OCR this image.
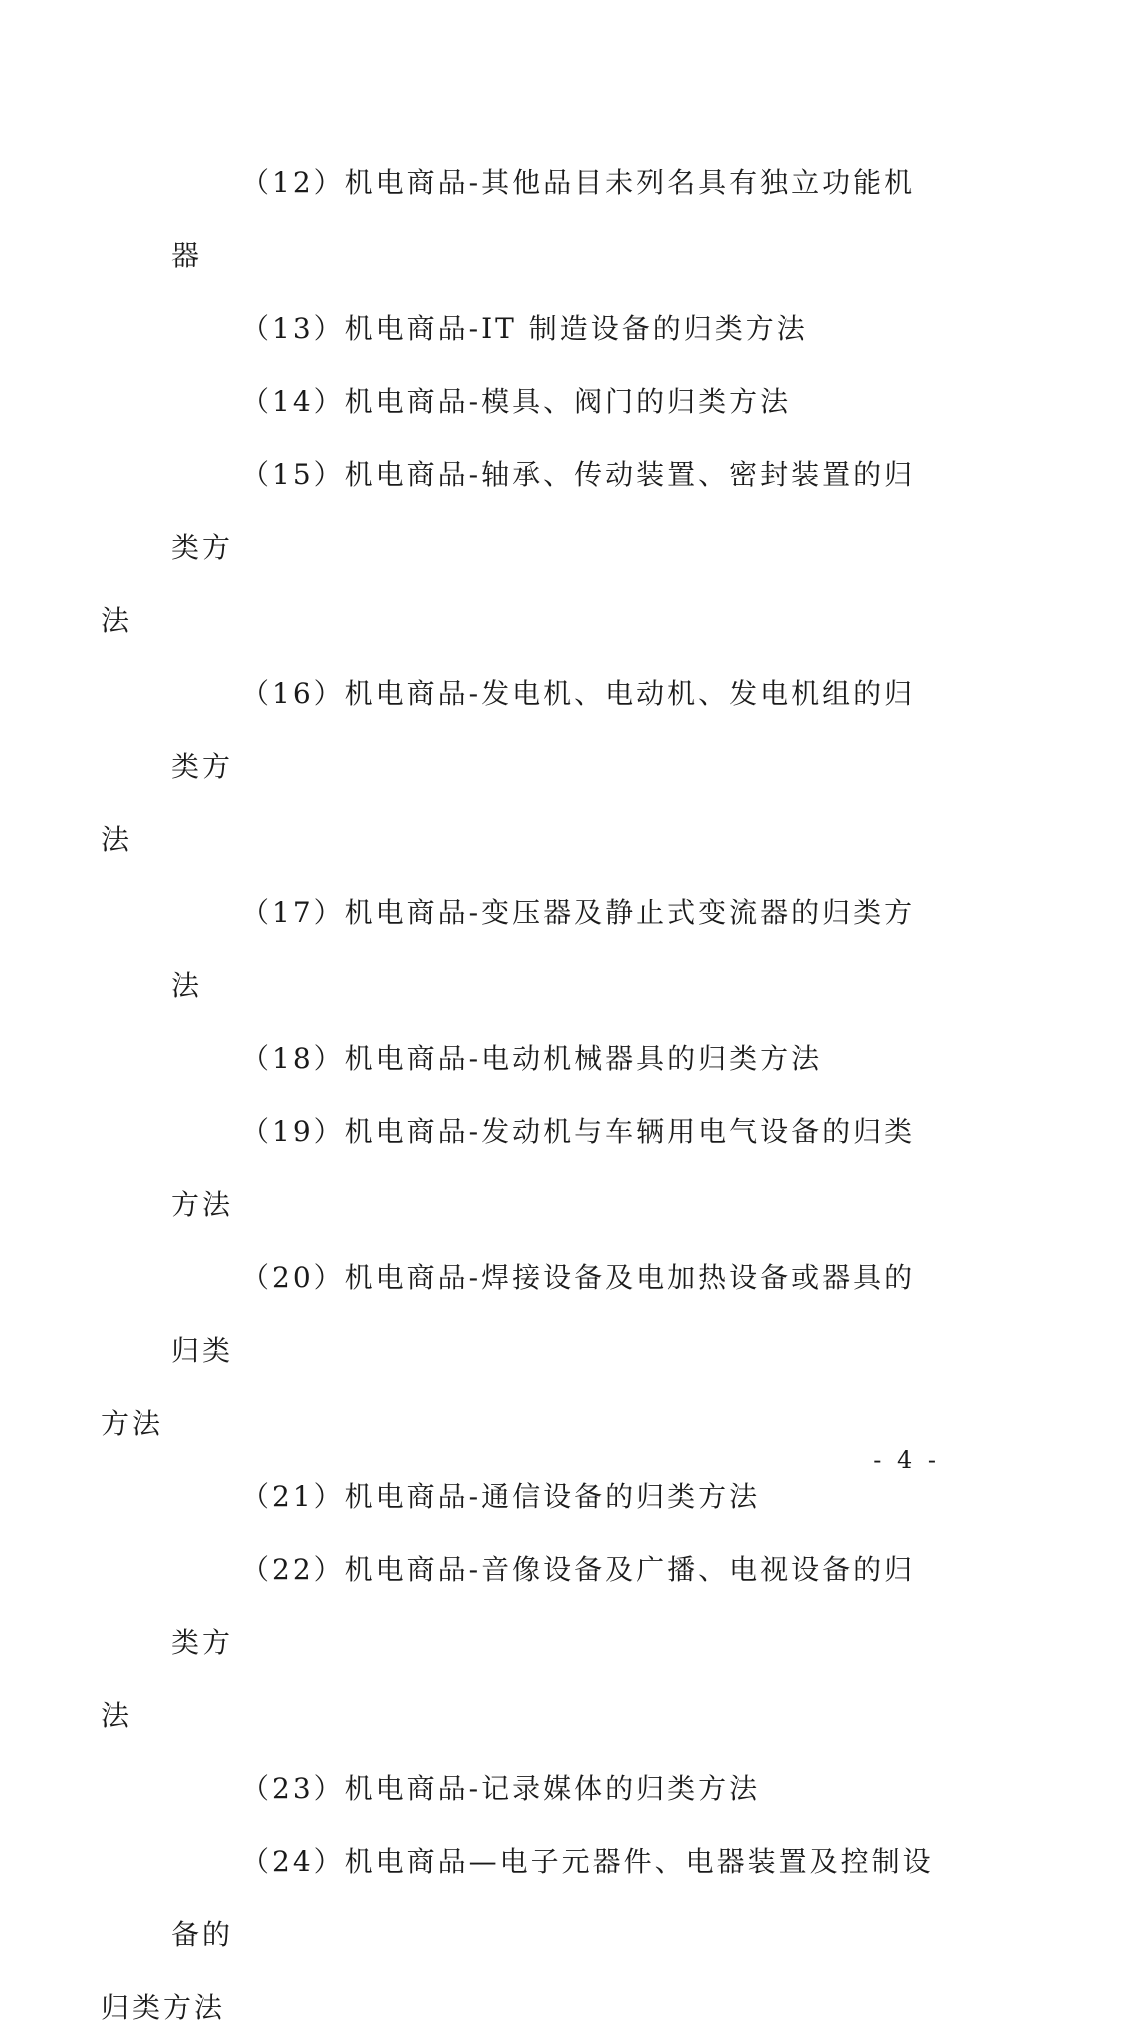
（12）机电商品-其他品目未列名具有独立功能机器

（13）机电商品-IT 制造设备的归类方法

（14）机电商品-模具、阀门的归类方法

（15）机电商品-轴承、传动装置、密封装置的归类方
法

（16）机电商品-发电机、电动机、发电机组的归类方
法

（17）机电商品-变压器及静止式变流器的归类方法

（18）机电商品-电动机械器具的归类方法

（19）机电商品-发动机与车辆用电气设备的归类方法

（20）机电商品-焊接设备及电加热设备或器具的归类
方法

（21）机电商品-通信设备的归类方法

（22）机电商品-音像设备及广播、电视设备的归类方
法

（23）机电商品-记录媒体的归类方法

（24）机电商品—电子元器件、电器装置及控制设备的
归类方法

- 4 -
